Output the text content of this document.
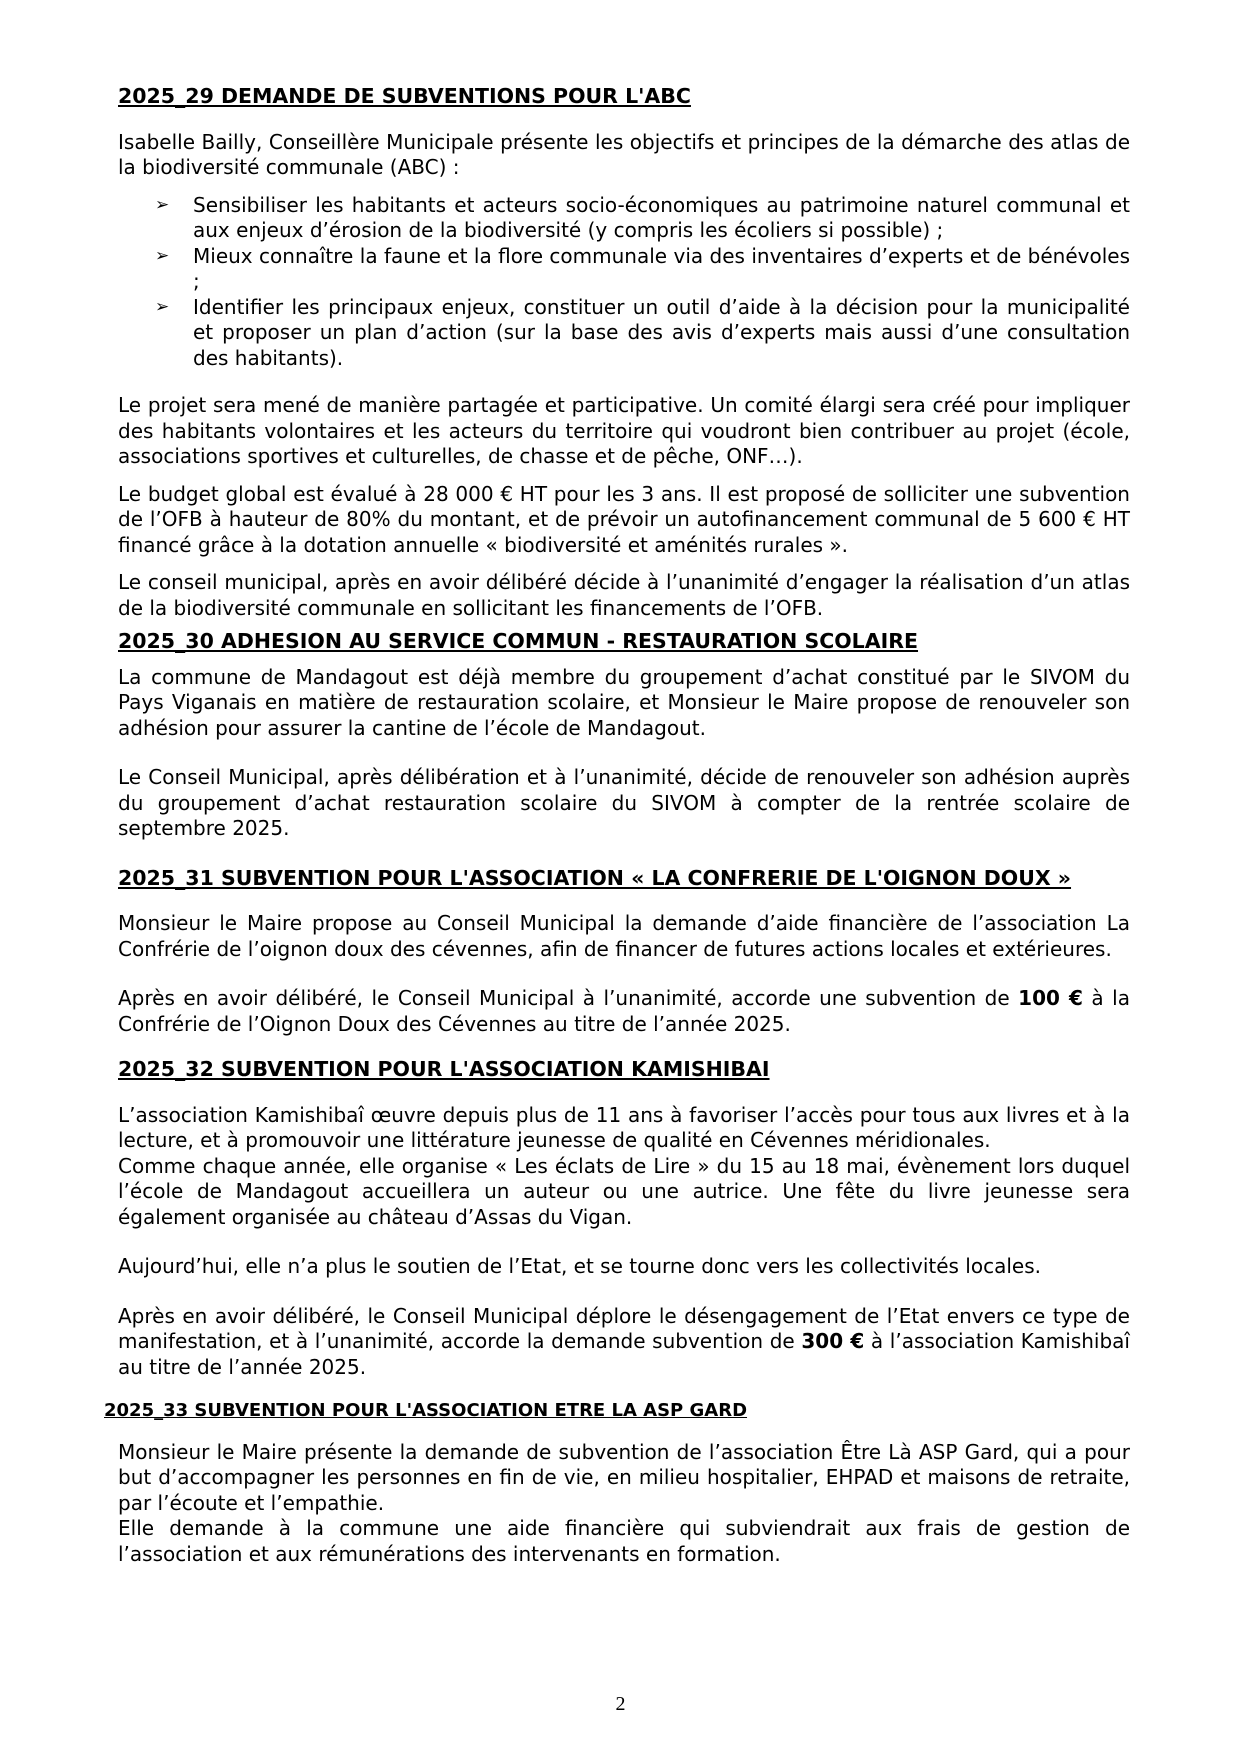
2025_29 DEMANDE DE SUBVENTIONS POUR L'ABC

Isabelle Bailly, Conseillère Municipale présente les objectifs et principes de la démarche des atlas de la biodiversité communale (ABC) :

➢ Sensibiliser les habitants et acteurs socio-économiques au patrimoine naturel communal et aux enjeux d’érosion de la biodiversité (y compris les écoliers si possible) ;
➢ Mieux connaître la faune et la flore communale via des inventaires d’experts et de bénévoles ;
➢ Identifier les principaux enjeux, constituer un outil d’aide à la décision pour la municipalité et proposer un plan d’action (sur la base des avis d’experts mais aussi d’une consultation des habitants).

Le projet sera mené de manière partagée et participative. Un comité élargi sera créé pour impliquer des habitants volontaires et les acteurs du territoire qui voudront bien contribuer au projet (école, associations sportives et culturelles, de chasse et de pêche, ONF…).

Le budget global est évalué à 28 000 € HT pour les 3 ans. Il est proposé de solliciter une subvention de l’OFB à hauteur de 80% du montant, et de prévoir un autofinancement communal de 5 600 € HT financé grâce à la dotation annuelle « biodiversité et aménités rurales ».

Le conseil municipal, après en avoir délibéré décide à l’unanimité d’engager la réalisation d’un atlas de la biodiversité communale en sollicitant les financements de l’OFB.

2025_30 ADHESION AU SERVICE COMMUN - RESTAURATION SCOLAIRE

La commune de Mandagout est déjà membre du groupement d’achat constitué par le SIVOM du Pays Viganais en matière de restauration scolaire, et Monsieur le Maire propose de renouveler son adhésion pour assurer la cantine de l’école de Mandagout.

Le Conseil Municipal, après délibération et à l’unanimité, décide de renouveler son adhésion auprès du groupement d’achat restauration scolaire du SIVOM à compter de la rentrée scolaire de septembre 2025.

2025_31 SUBVENTION POUR L'ASSOCIATION « LA CONFRERIE DE L'OIGNON DOUX »

Monsieur le Maire propose au Conseil Municipal la demande d’aide financière de l’association La Confrérie de l’oignon doux des cévennes, afin de financer de futures actions locales et extérieures.

Après en avoir délibéré, le Conseil Municipal à l’unanimité, accorde une subvention de 100 € à la Confrérie de l’Oignon Doux des Cévennes au titre de l’année 2025.

2025_32 SUBVENTION POUR L'ASSOCIATION KAMISHIBAI

L’association Kamishibaî œuvre depuis plus de 11 ans à favoriser l’accès pour tous aux livres et à la lecture, et à promouvoir une littérature jeunesse de qualité en Cévennes méridionales.
Comme chaque année, elle organise « Les éclats de Lire » du 15 au 18 mai, évènement lors duquel l’école de Mandagout accueillera un auteur ou une autrice. Une fête du livre jeunesse sera également organisée au château d’Assas du Vigan.

Aujourd’hui, elle n’a plus le soutien de l’Etat, et se tourne donc vers les collectivités locales.

Après en avoir délibéré, le Conseil Municipal déplore le désengagement de l’Etat envers ce type de manifestation, et à l’unanimité, accorde la demande subvention de 300 € à l’association Kamishibaî au titre de l’année 2025.

2025_33 SUBVENTION POUR L'ASSOCIATION ETRE LA ASP GARD

Monsieur le Maire présente la demande de subvention de l’association Être Là ASP Gard, qui a pour but d’accompagner les personnes en fin de vie, en milieu hospitalier, EHPAD et maisons de retraite, par l’écoute et l’empathie.
Elle demande à la commune une aide financière qui subviendrait aux frais de gestion de l’association et aux rémunérations des intervenants en formation.

2
